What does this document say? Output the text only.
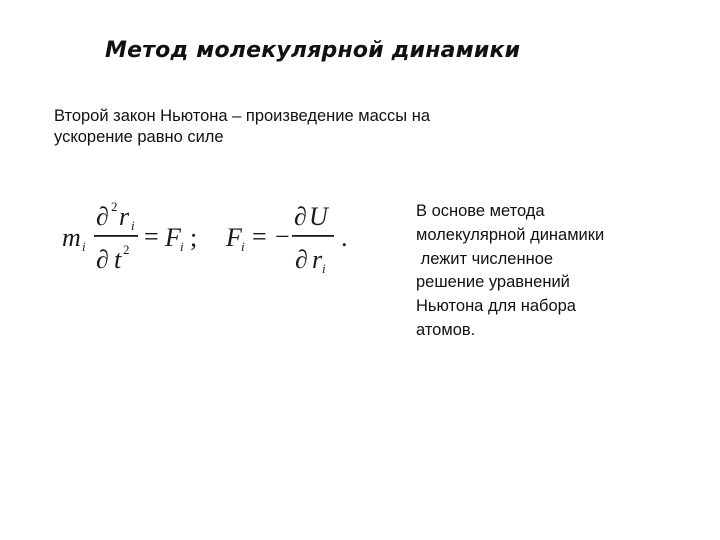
Метод молекулярной динамики
Второй закон Ньютона – произведение массы на
ускорение равно силе
m i
∂ 2 r i
∂ t 2 = F i ; F i = −
∂ U
∂ r i
.
В основе метода
молекулярной динамики
лежит численное
решение уравнений
Ньютона для набора
атомов.
